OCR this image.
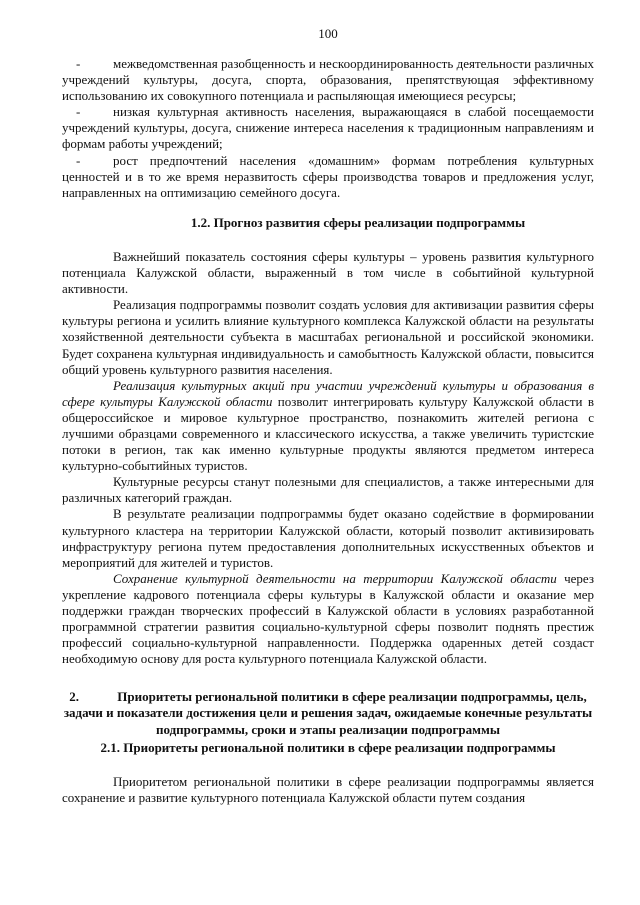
100

-	межведомственная разобщенность и нескоординированность деятельности различных учреждений культуры, досуга, спорта, образования, препятствующая эффективному использованию их совокупного потенциала и распыляющая имеющиеся ресурсы;

-	низкая культурная активность населения, выражающаяся в слабой посещаемости учреждений культуры, досуга, снижение интереса населения к традиционным направлениям и формам работы учреждений;

-	рост предпочтений населения «домашним» формам потребления культурных ценностей и в то же время неразвитость сферы производства товаров и предложения услуг, направленных на оптимизацию семейного досуга.

1.2. Прогноз развития сферы реализации подпрограммы

Важнейший показатель состояния сферы культуры – уровень развития культурного потенциала Калужской области, выраженный в том числе в событийной культурной активности.

Реализация подпрограммы позволит создать условия для активизации развития сферы культуры региона и усилить влияние культурного комплекса Калужской области на результаты хозяйственной деятельности субъекта в масштабах региональной и российской экономики. Будет сохранена культурная индивидуальность и самобытность Калужской области, повысится общий уровень культурного развития населения.

Реализация культурных акций при участии учреждений культуры и образования в сфере культуры Калужской области позволит интегрировать культуру Калужской области в общероссийское и мировое культурное пространство, познакомить жителей региона с лучшими образцами современного и классического искусства, а также увеличить туристские потоки в регион, так как именно культурные продукты являются предметом интереса культурно-событийных туристов.

Культурные ресурсы станут полезными для специалистов, а также интересными для различных категорий граждан.

В результате реализации подпрограммы будет оказано содействие в формировании культурного кластера на территории Калужской области, который позволит активизировать инфраструктуру региона путем предоставления дополнительных искусственных объектов и мероприятий для жителей и туристов.

Сохранение культурной деятельности на территории Калужской области через укрепление кадрового потенциала сферы культуры в Калужской области и оказание мер поддержки граждан творческих профессий в Калужской области в условиях разработанной программной стратегии развития социально-культурной сферы позволит поднять престиж профессий социально-культурной направленности. Поддержка одаренных детей создаст необходимую основу для роста культурного потенциала Калужской области.

2.	Приоритеты региональной политики в сфере реализации подпрограммы, цель, задачи и показатели достижения цели и решения задач, ожидаемые конечные результаты подпрограммы, сроки и этапы реализации подпрограммы

2.1. Приоритеты региональной политики в сфере реализации подпрограммы

Приоритетом региональной политики в сфере реализации подпрограммы является сохранение и развитие культурного потенциала Калужской области путем создания
